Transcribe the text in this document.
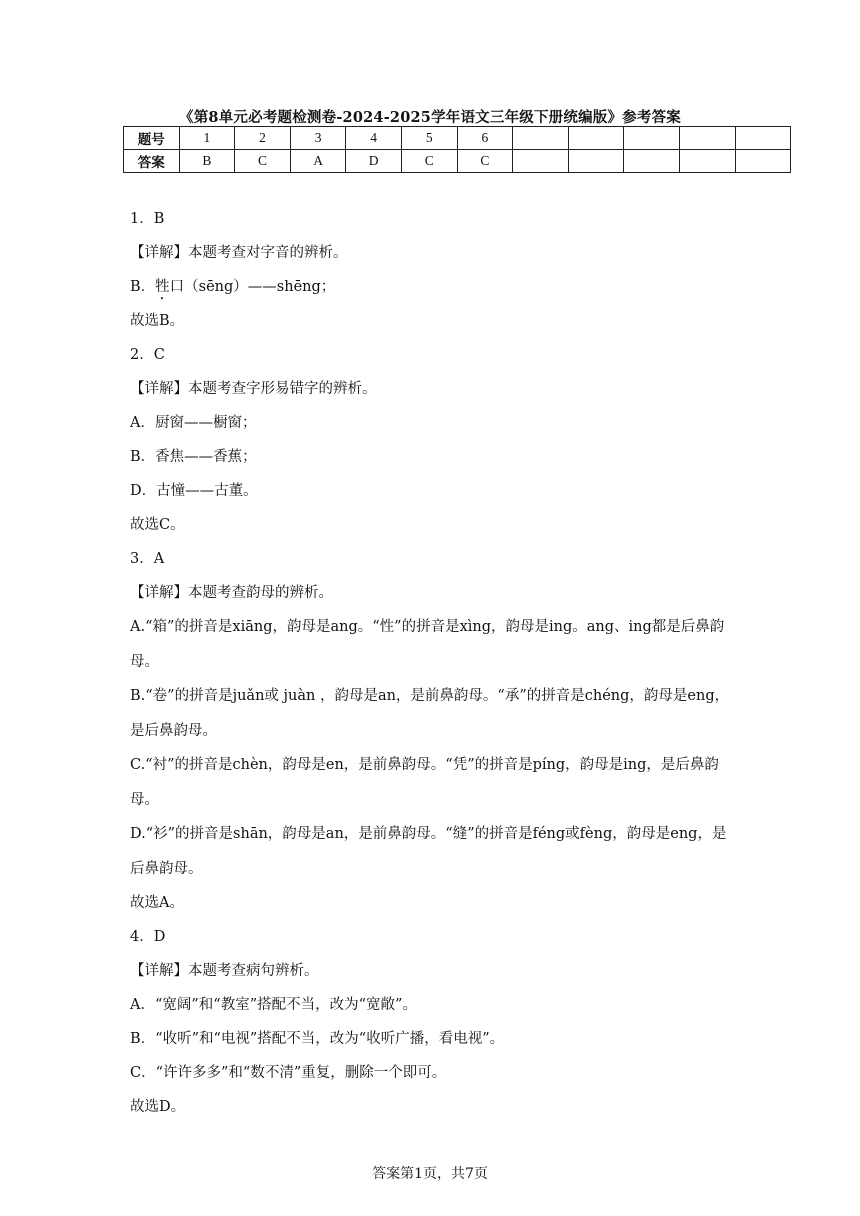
《第8单元必考题检测卷-2024-2025学年语文三年级下册统编版》参考答案
题号	1	2	3	4	5	6					
答案	B	C	A	D	C	C					

1．B

【详解】本题考查对字音的辨析。

B．牲口（sēng）——shēng；

故选B。

2．C

【详解】本题考查字形易错字的辨析。

A．厨窗——橱窗；

B．香焦——香蕉；

D．古憧——古董。

故选C。

3．A

【详解】本题考查韵母的辨析。

A.“箱”的拼音是xiāng，韵母是ang。“性”的拼音是xìng，韵母是ing。ang、ing都是后鼻韵母。

B.“卷”的拼音是juǎn或 juàn ，韵母是an，是前鼻韵母。“承”的拼音是chéng，韵母是eng，是后鼻韵母。

C.“衬”的拼音是chèn，韵母是en，是前鼻韵母。“凭”的拼音是píng，韵母是ing，是后鼻韵母。

D.“衫”的拼音是shān，韵母是an，是前鼻韵母。“缝”的拼音是féng或fèng，韵母是eng，是后鼻韵母。

故选A。

4．D

【详解】本题考查病句辨析。

A．“宽阔”和“教室”搭配不当，改为“宽敞”。

B．“收听”和“电视”搭配不当，改为“收听广播，看电视”。

C．“许许多多”和“数不清”重复，删除一个即可。

故选D。

答案第1页，共7页
